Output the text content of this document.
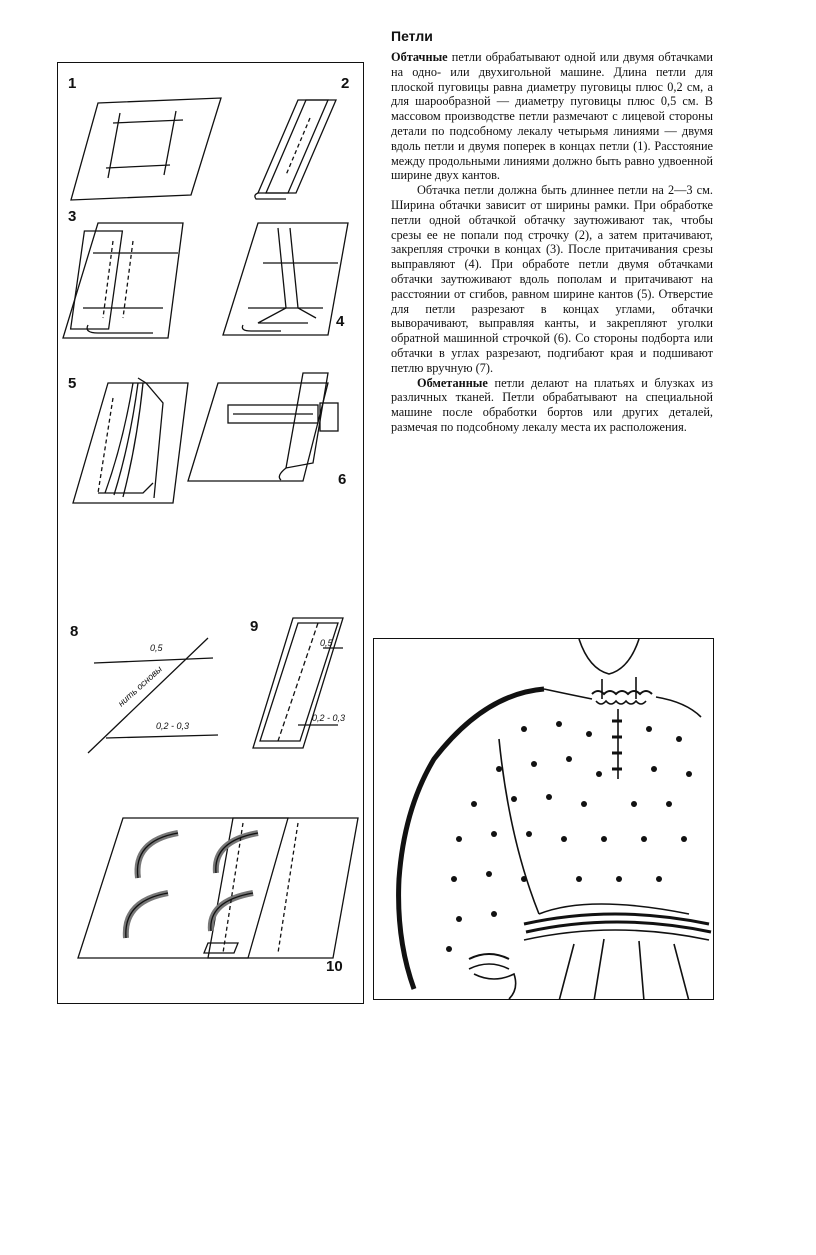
1	2
3
4
5
6
8	9
10
0,5
нить основы
0,2 - 0,3
0,5
0,2 - 0,3
Петли

Обтачные петли обрабатывают одной или двумя обтачками на одно- или двухигольной машине. Длина петли для плоской пуговицы равна диаметру пуговицы плюс 0,2 см, а для шарообразной — диаметру пуговицы плюс 0,5 см. В массовом производстве петли размечают с лицевой стороны детали по подсобному лекалу четырьмя линиями — двумя вдоль петли и двумя поперек в концах петли (1). Расстояние между продольными линиями должно быть равно удвоенной ширине двух кантов.

Обтачка петли должна быть длиннее петли на 2—3 см. Ширина обтачки зависит от ширины рамки. При обработке петли одной обтачкой обтачку заутюживают так, чтобы срезы ее не попали под строчку (2), а затем притачивают, закрепляя строчки в концах (3). После притачивания срезы выправляют (4). При обработе петли двумя обтачками обтачки заутюживают вдоль пополам и притачивают на расстоянии от сгибов, равном ширине кантов (5). Отверстие для петли разрезают в концах углами, обтачки выворачивают, выправляя канты, и закрепляют уголки обратной машинной строчкой (6). Со стороны подборта или обтачки в углах разрезают, подгибают края и подшивают петлю вручную (7).

Обметанные петли делают на платьях и блузках из различных тканей. Петли обрабатывают на специальной машине после обработки бортов или других деталей, размечая по подсобному лекалу места их расположения.
